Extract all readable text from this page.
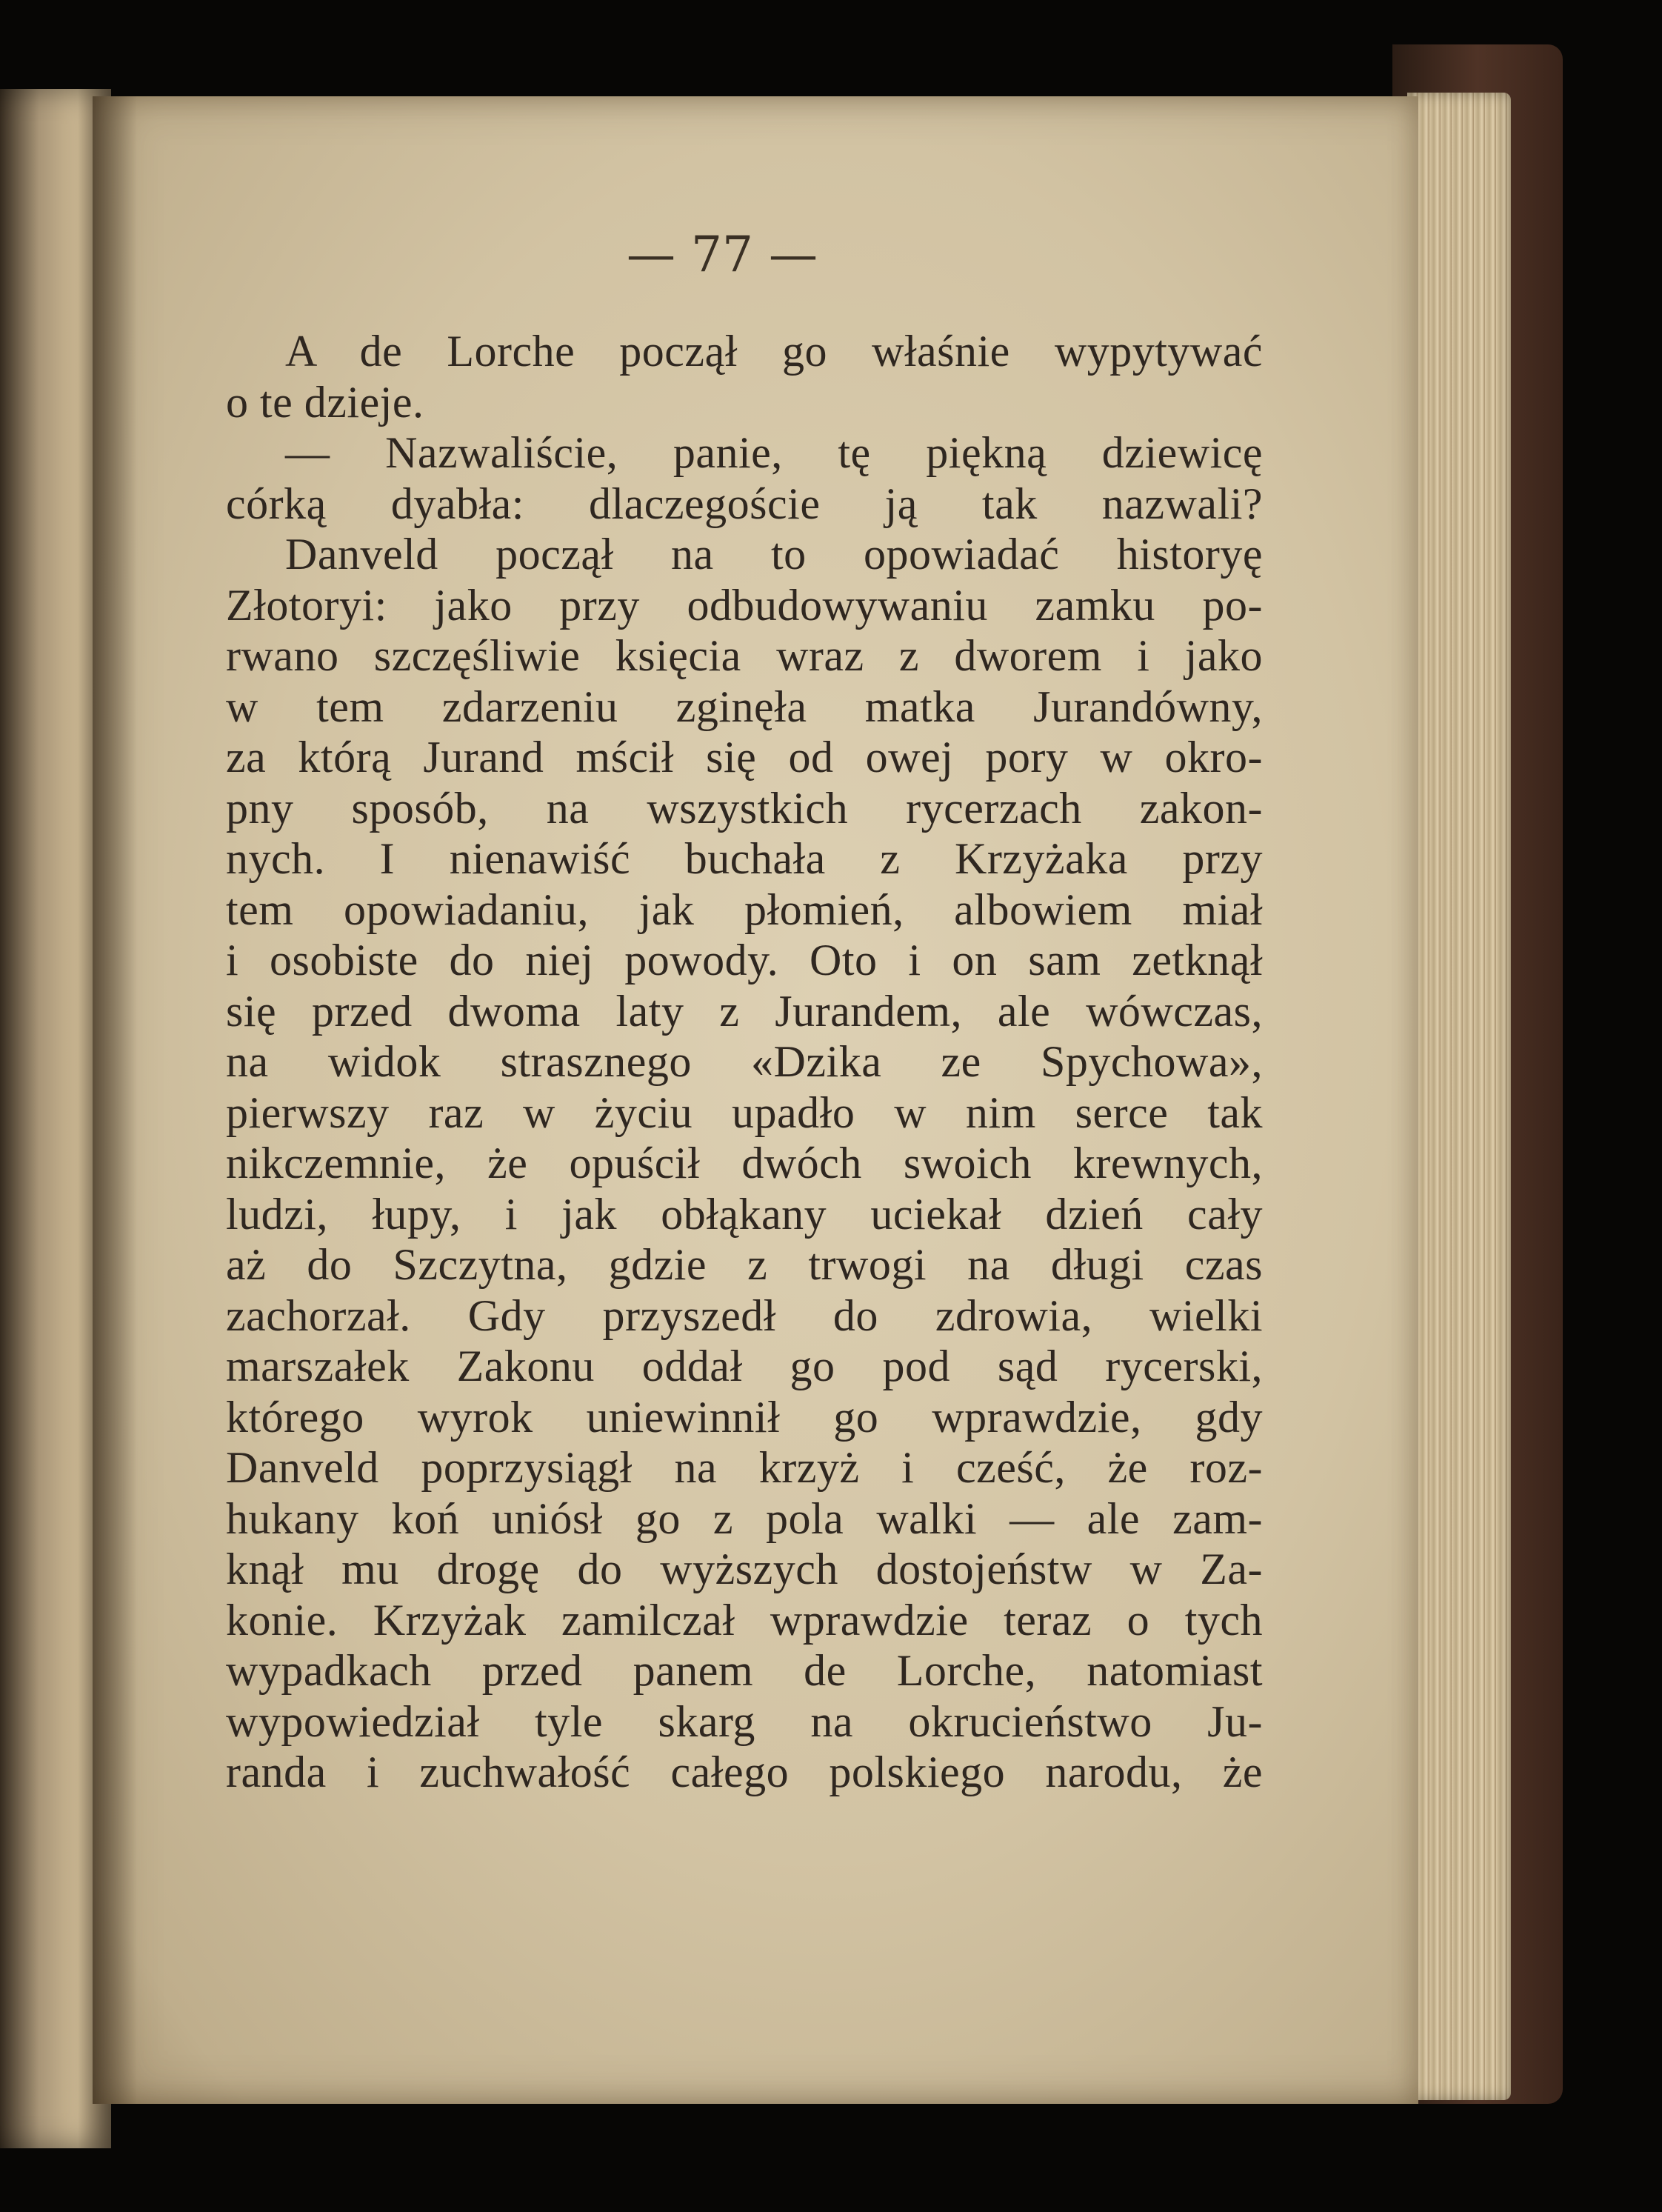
— 77 —
A de Lorche począł go właśnie wypytywać
o te dzieje.
— Nazwaliście, panie, tę piękną dziewicę
córką dyabła: dlaczegoście ją tak nazwali?
Danveld począł na to opowiadać historyę
Złotoryi: jako przy odbudowywaniu zamku po-
rwano szczęśliwie księcia wraz z dworem i jako
w tem zdarzeniu zginęła matka Jurandówny,
za którą Jurand mścił się od owej pory w okro-
pny sposób, na wszystkich rycerzach zakon-
nych. I nienawiść buchała z Krzyżaka przy
tem opowiadaniu, jak płomień, albowiem miał
i osobiste do niej powody. Oto i on sam zetknął
się przed dwoma laty z Jurandem, ale wówczas,
na widok strasznego «Dzika ze Spychowa»,
pierwszy raz w życiu upadło w nim serce tak
nikczemnie, że opuścił dwóch swoich krewnych,
ludzi, łupy, i jak obłąkany uciekał dzień cały
aż do Szczytna, gdzie z trwogi na długi czas
zachorzał. Gdy przyszedł do zdrowia, wielki
marszałek Zakonu oddał go pod sąd rycerski,
którego wyrok uniewinnił go wprawdzie, gdy
Danveld poprzysiągł na krzyż i cześć, że roz-
hukany koń uniósł go z pola walki — ale zam-
knął mu drogę do wyższych dostojeństw w Za-
konie. Krzyżak zamilczał wprawdzie teraz o tych
wypadkach przed panem de Lorche, natomiast
wypowiedział tyle skarg na okrucieństwo Ju-
randa i zuchwałość całego polskiego narodu, że
